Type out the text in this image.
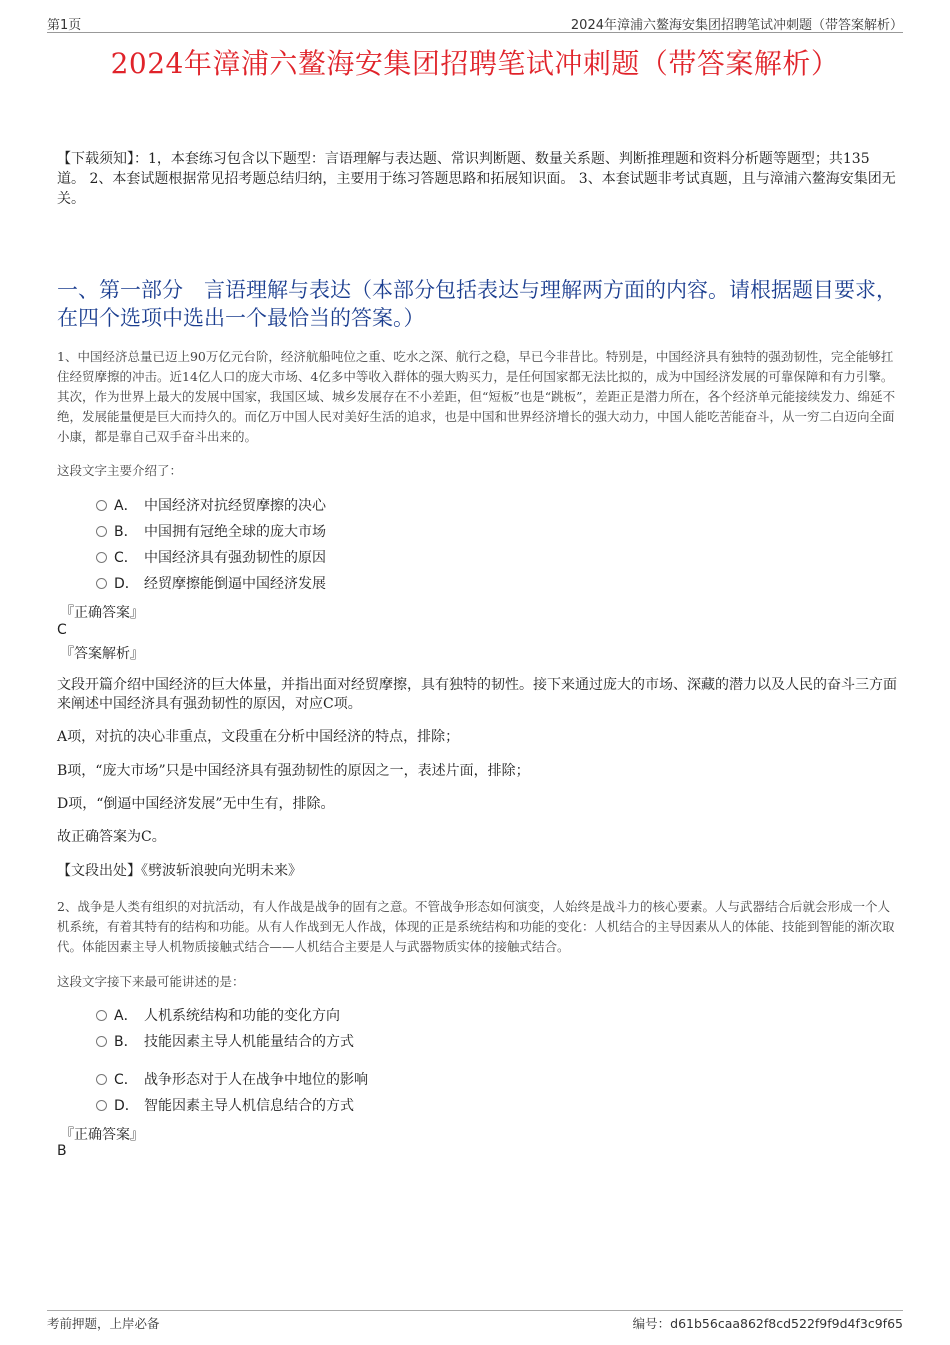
第1页	2024年漳浦六鳌海安集团招聘笔试冲刺题（带答案解析）
2024年漳浦六鳌海安集团招聘笔试冲刺题（带答案解析）
【下载须知】：1，本套练习包含以下题型：言语理解与表达题、常识判断题、数量关系题、判断推理题和资料分析题等题型；共135道。 2、本套试题根据常见招考题总结归纳，主要用于练习答题思路和拓展知识面。 3、本套试题非考试真题，且与漳浦六鳌海安集团无关。
一、第一部分　言语理解与表达（本部分包括表达与理解两方面的内容。请根据题目要求，在四个选项中选出一个最恰当的答案。）
1、中国经济总量已迈上90万亿元台阶，经济航船吨位之重、吃水之深、航行之稳，早已今非昔比。特别是，中国经济具有独特的强劲韧性，完全能够扛住经贸摩擦的冲击。近14亿人口的庞大市场、4亿多中等收入群体的强大购买力，是任何国家都无法比拟的，成为中国经济发展的可靠保障和有力引擎。其次，作为世界上最大的发展中国家，我国区域、城乡发展存在不小差距，但“短板”也是“跳板”，差距正是潜力所在，各个经济单元能接续发力、绵延不绝，发展能量便是巨大而持久的。而亿万中国人民对美好生活的追求，也是中国和世界经济增长的强大动力，中国人能吃苦能奋斗，从一穷二白迈向全面小康，都是靠自己双手奋斗出来的。
这段文字主要介绍了：
A． 中国经济对抗经贸摩擦的决心
B． 中国拥有冠绝全球的庞大市场
C． 中国经济具有强劲韧性的原因
D． 经贸摩擦能倒逼中国经济发展
『正确答案』
C
『答案解析』
文段开篇介绍中国经济的巨大体量，并指出面对经贸摩擦，具有独特的韧性。接下来通过庞大的市场、深藏的潜力以及人民的奋斗三方面来阐述中国经济具有强劲韧性的原因，对应C项。
A项，对抗的决心非重点，文段重在分析中国经济的特点，排除；
B项，“庞大市场”只是中国经济具有强劲韧性的原因之一，表述片面，排除；
D项，“倒逼中国经济发展”无中生有，排除。
故正确答案为C。
【文段出处】《劈波斩浪驶向光明未来》
2、战争是人类有组织的对抗活动，有人作战是战争的固有之意。不管战争形态如何演变，人始终是战斗力的核心要素。人与武器结合后就会形成一个人机系统，有着其特有的结构和功能。从有人作战到无人作战，体现的正是系统结构和功能的变化：人机结合的主导因素从人的体能、技能到智能的渐次取代。体能因素主导人机物质接触式结合——人机结合主要是人与武器物质实体的接触式结合。
这段文字接下来最可能讲述的是：
A． 人机系统结构和功能的变化方向
B． 技能因素主导人机能量结合的方式
C． 战争形态对于人在战争中地位的影响
D． 智能因素主导人机信息结合的方式
『正确答案』
B
考前押题，上岸必备	编号：d61b56caa862f8cd522f9f9d4f3c9f65
